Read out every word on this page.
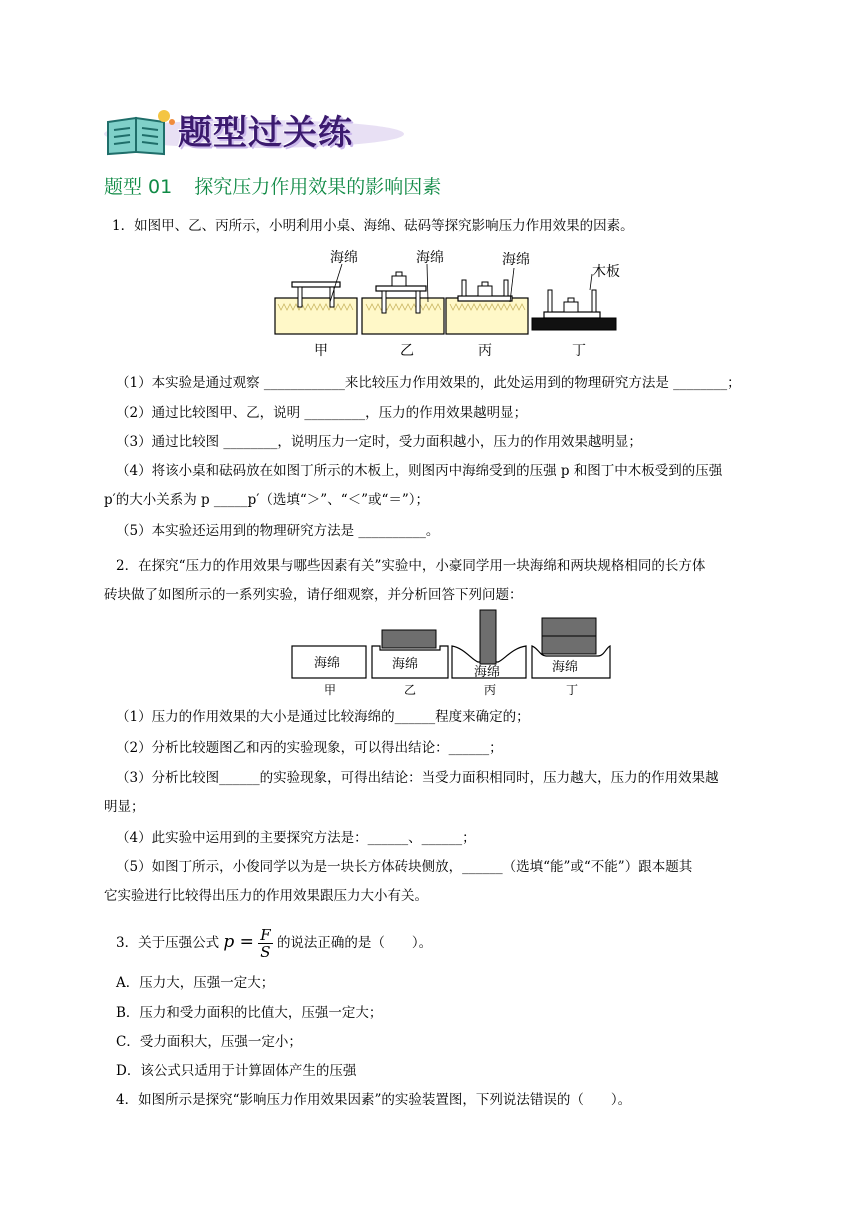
题型过关练
题型 01 探究压力作用效果的影响因素
1．如图甲、乙、丙所示，小明利用小桌、海绵、砝码等探究影响压力作用效果的因素。
海绵	海绵	海绵
木板
甲	乙	丙	丁
（1）本实验是通过观察 ____________来比较压力作用效果的，此处运用到的物理研究方法是 ________；
（2）通过比较图甲、乙，说明 _________，压力的作用效果越明显；
（3）通过比较图 ________，说明压力一定时，受力面积越小，压力的作用效果越明显；
（4）将该小桌和砝码放在如图丁所示的木板上，则图丙中海绵受到的压强 p 和图丁中木板受到的压强
p′的大小关系为 p _____p′（选填“＞”、“＜”或“＝”）；
（5）本实验还运用到的物理研究方法是 __________。
2．在探究“压力的作用效果与哪些因素有关”实验中，小豪同学用一块海绵和两块规格相同的长方体
砖块做了如图所示的一系列实验，请仔细观察，并分析回答下列问题：
海绵	海绵
海绵	海绵
甲	乙	丙	丁
（1）压力的作用效果的大小是通过比较海绵的______程度来确定的；
（2）分析比较题图乙和丙的实验现象，可以得出结论：______；
（3）分析比较图______的实验现象，可得出结论：当受力面积相同时，压力越大，压力的作用效果越
明显；
（4）此实验中运用到的主要探究方法是：______、______；
（5）如图丁所示，小俊同学以为是一块长方体砖块侧放，______（选填“能”或“不能”）跟本题其
它实验进行比较得出压力的作用效果跟压力大小有关。
3．关于压强公式 $p = \frac{F}{S}$ 的说法正确的是（　　）。
A．压力大，压强一定大；
B．压力和受力面积的比值大，压强一定大；
C．受力面积大，压强一定小；
D．该公式只适用于计算固体产生的压强
4．如图所示是探究“影响压力作用效果因素”的实验装置图，下列说法错误的（　　）。
